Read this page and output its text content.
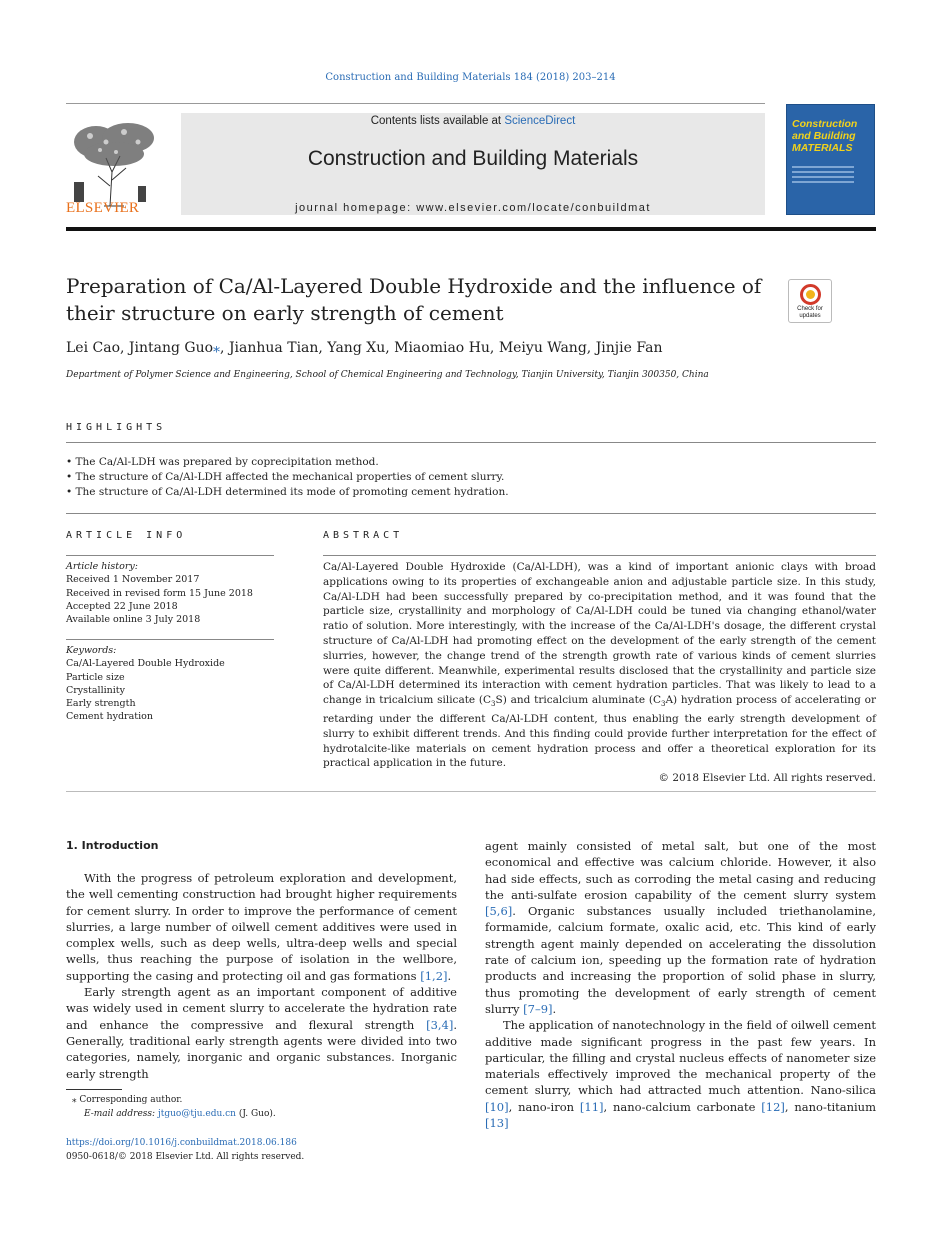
Construction and Building Materials 184 (2018) 203–214
ELSEVIER
Contents lists available at ScienceDirect
Construction and Building Materials
journal homepage: www.elsevier.com/locate/conbuildmat
Construction and Building MATERIALS
Preparation of Ca/Al-Layered Double Hydroxide and the influence of their structure on early strength of cement	Check for updates
Lei Cao, Jintang Guo⁎, Jianhua Tian, Yang Xu, Miaomiao Hu, Meiyu Wang, Jinjie Fan
Department of Polymer Science and Engineering, School of Chemical Engineering and Technology, Tianjin University, Tianjin 300350, China
HIGHLIGHTS
• The Ca/Al-LDH was prepared by coprecipitation method.
• The structure of Ca/Al-LDH affected the mechanical properties of cement slurry.
• The structure of Ca/Al-LDH determined its mode of promoting cement hydration.
ARTICLE INFO
Article history:
Received 1 November 2017
Received in revised form 15 June 2018
Accepted 22 June 2018
Available online 3 July 2018
Keywords:
Ca/Al-Layered Double Hydroxide
Particle size
Crystallinity
Early strength
Cement hydration
ABSTRACT
Ca/Al-Layered Double Hydroxide (Ca/Al-LDH), was a kind of important anionic clays with broad applications owing to its properties of exchangeable anion and adjustable particle size. In this study, Ca/Al-LDH had been successfully prepared by co-precipitation method, and it was found that the particle size, crystallinity and morphology of Ca/Al-LDH could be tuned via changing ethanol/water ratio of solution. More interestingly, with the increase of the Ca/Al-LDH's dosage, the different crystal structure of Ca/Al-LDH had promoting effect on the development of the early strength of the cement slurries, however, the change trend of the strength growth rate of various kinds of cement slurries were quite different. Meanwhile, experimental results disclosed that the crystallinity and particle size of Ca/Al-LDH determined its interaction with cement hydration particles. That was likely to lead to a change in tricalcium silicate $(C_3S)$ and tricalcium aluminate $(C_3A)$ hydration process of accelerating or retarding under the different Ca/Al-LDH content, thus enabling the early strength development of slurry to exhibit different trends. And this finding could provide further interpretation for the effect of hydrotalcite-like materials on cement hydration process and offer a theoretical exploration for its practical application in the future.
© 2018 Elsevier Ltd. All rights reserved.
1. Introduction

With the progress of petroleum exploration and development, the well cementing construction had brought higher requirements for cement slurry. In order to improve the performance of cement slurries, a large number of oilwell cement additives were used in complex wells, such as deep wells, ultra-deep wells and special wells, thus reaching the purpose of isolation in the wellbore, supporting the casing and protecting oil and gas formations [1,2].

Early strength agent as an important component of additive was widely used in cement slurry to accelerate the hydration rate and enhance the compressive and flexural strength [3,4]. Generally, traditional early strength agents were divided into two categories, namely, inorganic and organic substances. Inorganic early strength

agent mainly consisted of metal salt, but one of the most economical and effective was calcium chloride. However, it also had side effects, such as corroding the metal casing and reducing the anti-sulfate erosion capability of the cement slurry system [5,6]. Organic substances usually included triethanolamine, formamide, calcium formate, oxalic acid, etc. This kind of early strength agent mainly depended on accelerating the dissolution rate of calcium ion, speeding up the formation rate of hydration products and increasing the proportion of solid phase in slurry, thus promoting the development of early strength of cement slurry [7–9].

The application of nanotechnology in the field of oilwell cement additive made significant progress in the past few years. In particular, the filling and crystal nucleus effects of nanometer size materials effectively improved the mechanical property of the cement slurry, which had attracted much attention. Nano-silica [10], nano-iron [11], nano-calcium carbonate [12], nano-titanium [13]

⁎ Corresponding author.
E-mail address: jtguo@tju.edu.cn (J. Guo).
https://doi.org/10.1016/j.conbuildmat.2018.06.186
0950-0618/© 2018 Elsevier Ltd. All rights reserved.
